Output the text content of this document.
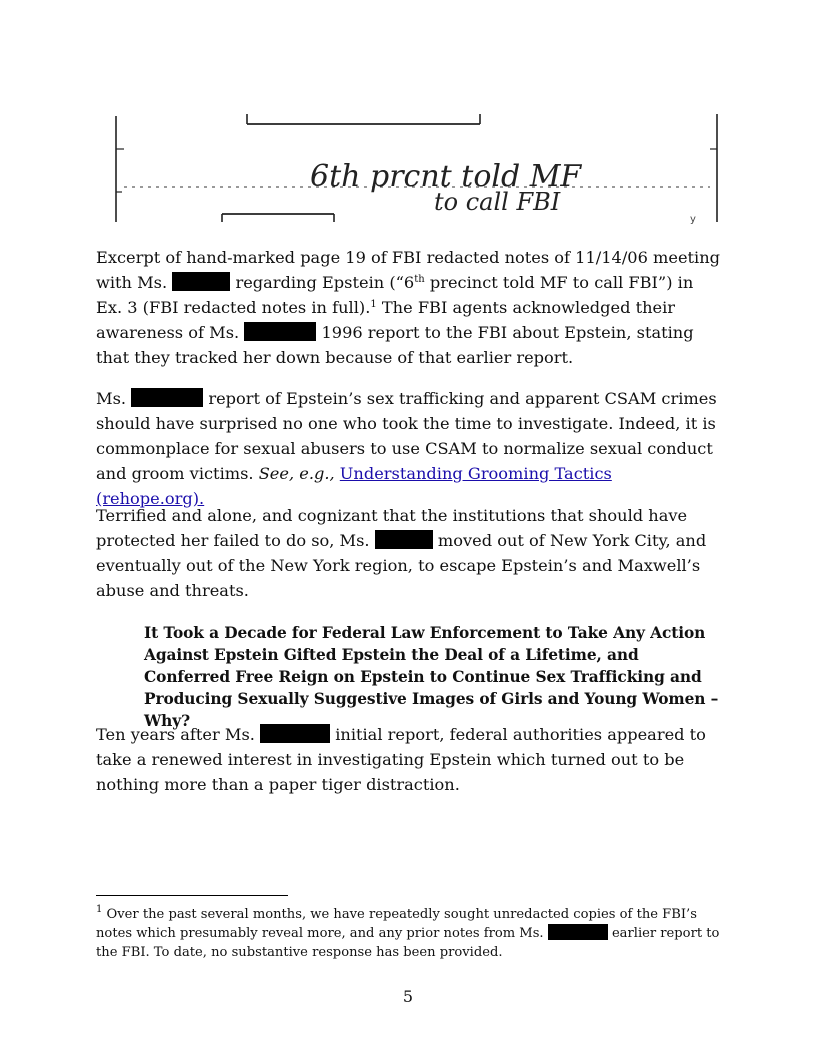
6th prcnt told MF
to call FBI
y

Excerpt of hand-marked page 19 of FBI redacted notes of 11/14/06 meeting with Ms.	regarding Epstein (“6th precinct told MF to call FBI”) in Ex. 3 (FBI redacted notes in full).$^1$ The FBI agents acknowledged their awareness of Ms.	1996 report to the FBI about Epstein, stating that they tracked her down because of that earlier report.

Ms.	report of Epstein’s sex trafficking and apparent CSAM crimes should have surprised no one who took the time to investigate. Indeed, it is commonplace for sexual abusers to use CSAM to normalize sexual conduct and groom victims. See, e.g., Understanding Grooming Tactics (rehope.org).

Terrified and alone, and cognizant that the institutions that should have protected her failed to do so, Ms.	moved out of New York City, and eventually out of the New York region, to escape Epstein’s and Maxwell’s abuse and threats.

It Took a Decade for Federal Law Enforcement to Take Any Action Against Epstein Gifted Epstein the Deal of a Lifetime, and Conferred Free Reign on Epstein to Continue Sex Trafficking and Producing Sexually Suggestive Images of Girls and Young Women – Why?

Ten years after Ms.	initial report, federal authorities appeared to take a renewed interest in investigating Epstein which turned out to be nothing more than a paper tiger distraction.

$^1$ Over the past several months, we have repeatedly sought unredacted copies of the FBI’s notes which presumably reveal more, and any prior notes from Ms.	earlier report to the FBI. To date, no substantive response has been provided.

5
